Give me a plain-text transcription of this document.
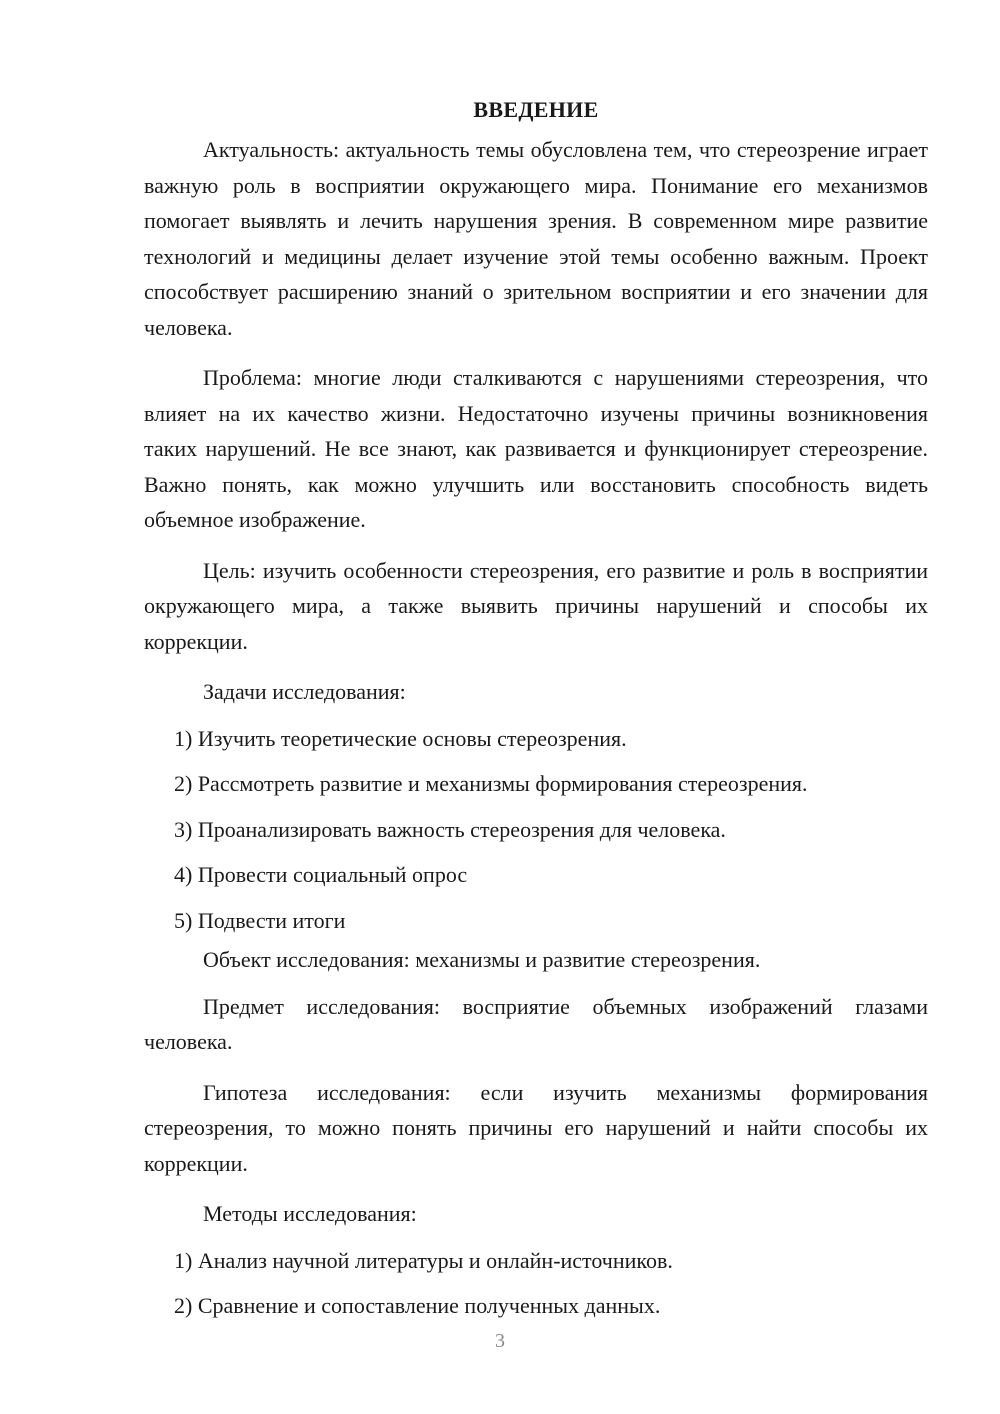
ВВЕДЕНИЕ

Актуальность: актуальность темы обусловлена тем, что стереозрение играет важную роль в восприятии окружающего мира. Понимание его механизмов помогает выявлять и лечить нарушения зрения. В современном мире развитие технологий и медицины делает изучение этой темы особенно важным. Проект способствует расширению знаний о зрительном восприятии и его значении для человека.

Проблема: многие люди сталкиваются с нарушениями стереозрения, что влияет на их качество жизни. Недостаточно изучены причины возникновения таких нарушений. Не все знают, как развивается и функционирует стереозрение. Важно понять, как можно улучшить или восстановить способность видеть объемное изображение.

Цель: изучить особенности стереозрения, его развитие и роль в восприятии окружающего мира, а также выявить причины нарушений и способы их коррекции.

Задачи исследования:

1) Изучить теоретические основы стереозрения.

2) Рассмотреть развитие и механизмы формирования стереозрения.

3) Проанализировать важность стереозрения для человека.

4) Провести социальный опрос

5) Подвести итоги

Объект исследования: механизмы и развитие стереозрения.

Предмет исследования: восприятие объемных изображений глазами человека.

Гипотеза исследования: если изучить механизмы формирования стереозрения, то можно понять причины его нарушений и найти способы их коррекции.

Методы исследования:

1) Анализ научной литературы и онлайн-источников.

2) Сравнение и сопоставление полученных данных.

3
